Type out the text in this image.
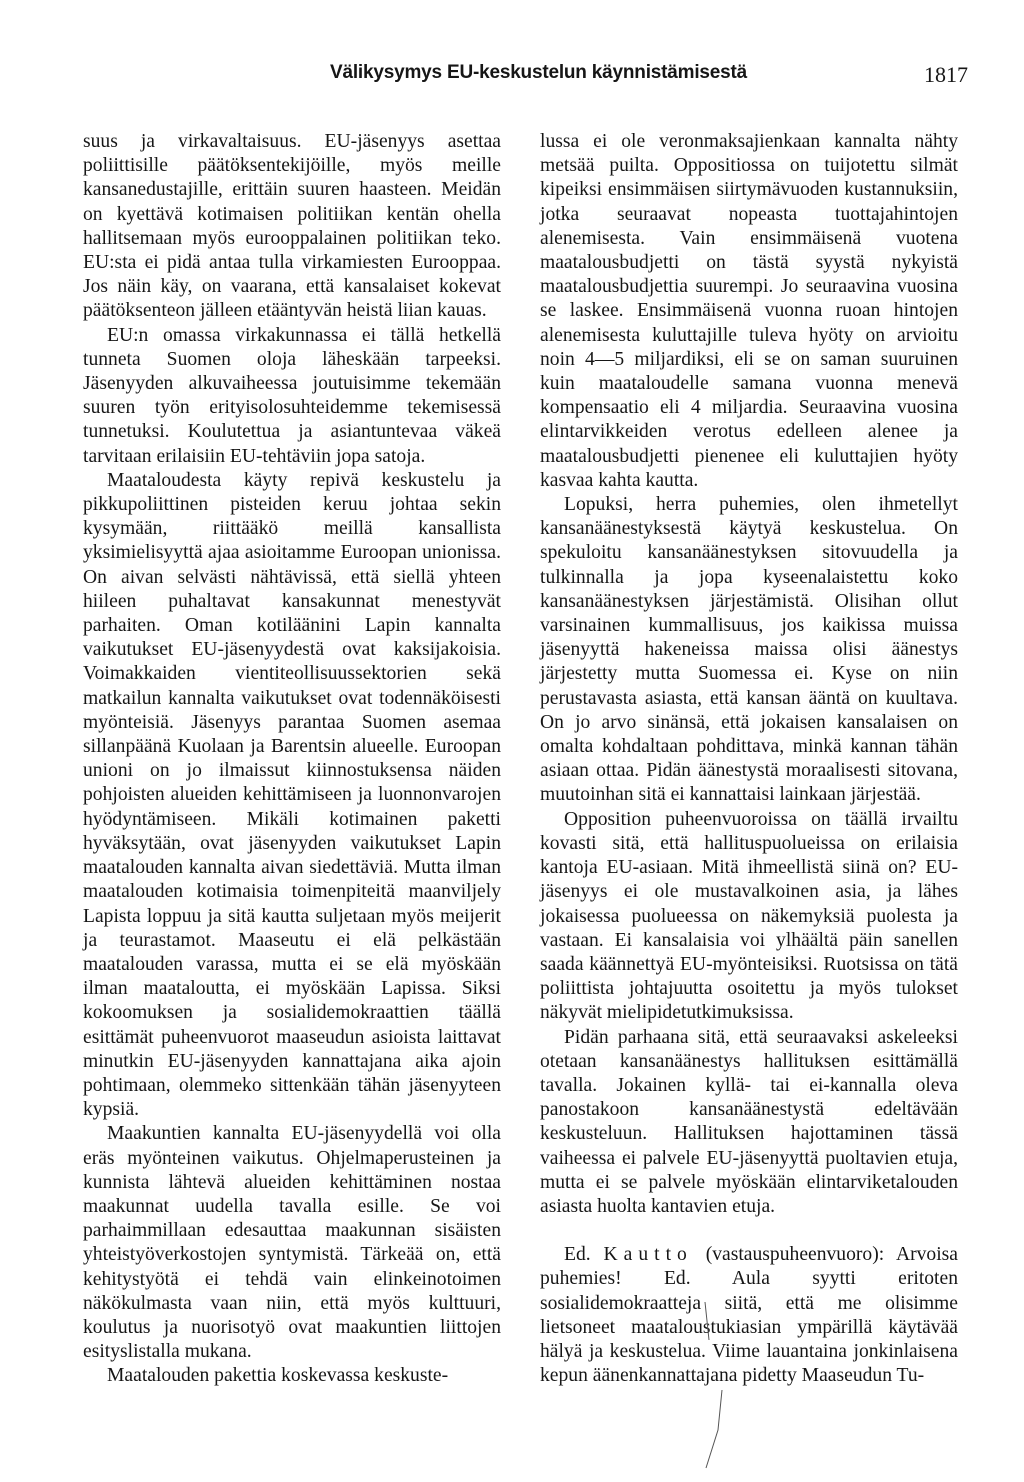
Välikysymys EU-keskustelun käynnistämisestä	1817

suus ja virkavaltaisuus. EU-jäsenyys asettaa poliittisille päätöksentekijöille, myös meille kansanedustajille, erittäin suuren haasteen. Meidän on kyettävä kotimaisen politiikan kentän ohella hallitsemaan myös eurooppalainen politiikan teko. EU:sta ei pidä antaa tulla virkamiesten Eurooppaa. Jos näin käy, on vaarana, että kansalaiset kokevat päätöksenteon jälleen etääntyvän heistä liian kauas.

EU:n omassa virkakunnassa ei tällä hetkellä tunneta Suomen oloja läheskään tarpeeksi. Jäsenyyden alkuvaiheessa joutuisimme tekemään suuren työn erityisolosuhteidemme tekemisessä tunnetuksi. Koulutettua ja asiantuntevaa väkeä tarvitaan erilaisiin EU-tehtäviin jopa satoja.

Maataloudesta käyty repivä keskustelu ja pikkupoliittinen pisteiden keruu johtaa sekin kysymään, riittääkö meillä kansallista yksimielisyyttä ajaa asioitamme Euroopan unionissa. On aivan selvästi nähtävissä, että siellä yhteen hiileen puhaltavat kansakunnat menestyvät parhaiten. Oman kotiläänini Lapin kannalta vaikutukset EU-jäsenyydestä ovat kaksijakoisia. Voimakkaiden vientiteollisuussektorien sekä matkailun kannalta vaikutukset ovat todennäköisesti myönteisiä. Jäsenyys parantaa Suomen asemaa sillanpäänä Kuolaan ja Barentsin alueelle. Euroopan unioni on jo ilmaissut kiinnostuksensa näiden pohjoisten alueiden kehittämiseen ja luonnonvarojen hyödyntämiseen. Mikäli kotimainen paketti hyväksytään, ovat jäsenyyden vaikutukset Lapin maatalouden kannalta aivan siedettäviä. Mutta ilman maatalouden kotimaisia toimenpiteitä maanviljely Lapista loppuu ja sitä kautta suljetaan myös meijerit ja teurastamot. Maaseutu ei elä pelkästään maatalouden varassa, mutta ei se elä myöskään ilman maataloutta, ei myöskään Lapissa. Siksi kokoomuksen ja sosialidemokraattien täällä esittämät puheenvuorot maaseudun asioista laittavat minutkin EU-jäsenyyden kannattajana aika ajoin pohtimaan, olemmeko sittenkään tähän jäsenyyteen kypsiä.

Maakuntien kannalta EU-jäsenyydellä voi olla eräs myönteinen vaikutus. Ohjelmaperusteinen ja kunnista lähtevä alueiden kehittäminen nostaa maakunnat uudella tavalla esille. Se voi parhaimmillaan edesauttaa maakunnan sisäisten yhteistyöverkostojen syntymistä. Tärkeää on, että kehitystyötä ei tehdä vain elinkeinotoimen näkökulmasta vaan niin, että myös kulttuuri, koulutus ja nuorisotyö ovat maakuntien liittojen esityslistalla mukana.

Maatalouden pakettia koskevassa keskuste-

lussa ei ole veronmaksajienkaan kannalta nähty metsää puilta. Oppositiossa on tuijotettu silmät kipeiksi ensimmäisen siirtymävuoden kustannuksiin, jotka seuraavat nopeasta tuottajahintojen alenemisesta. Vain ensimmäisenä vuotena maatalousbudjetti on tästä syystä nykyistä maatalousbudjettia suurempi. Jo seuraavina vuosina se laskee. Ensimmäisenä vuonna ruoan hintojen alenemisesta kuluttajille tuleva hyöty on arvioitu noin 4—5 miljardiksi, eli se on saman suuruinen kuin maataloudelle samana vuonna menevä kompensaatio eli 4 miljardia. Seuraavina vuosina elintarvikkeiden verotus edelleen alenee ja maatalousbudjetti pienenee eli kuluttajien hyöty kasvaa kahta kautta.

Lopuksi, herra puhemies, olen ihmetellyt kansanäänestyksestä käytyä keskustelua. On spekuloitu kansanäänestyksen sitovuudella ja tulkinnalla ja jopa kyseenalaistettu koko kansanäänestyksen järjestämistä. Olisihan ollut varsinainen kummallisuus, jos kaikissa muissa jäsenyyttä hakeneissa maissa olisi äänestys järjestetty mutta Suomessa ei. Kyse on niin perustavasta asiasta, että kansan ääntä on kuultava. On jo arvo sinänsä, että jokaisen kansalaisen on omalta kohdaltaan pohdittava, minkä kannan tähän asiaan ottaa. Pidän äänestystä moraalisesti sitovana, muutoinhan sitä ei kannattaisi lainkaan järjestää.

Opposition puheenvuoroissa on täällä irvailtu kovasti sitä, että hallituspuolueissa on erilaisia kantoja EU-asiaan. Mitä ihmeellistä siinä on? EU-jäsenyys ei ole mustavalkoinen asia, ja lähes jokaisessa puolueessa on näkemyksiä puolesta ja vastaan. Ei kansalaisia voi ylhäältä päin sanellen saada käännettyä EU-myönteisiksi. Ruotsissa on tätä poliittista johtajuutta osoitettu ja myös tulokset näkyvät mielipidetutkimuksissa.

Pidän parhaana sitä, että seuraavaksi askeleeksi otetaan kansanäänestys hallituksen esittämällä tavalla. Jokainen kyllä- tai ei-kannalla oleva panostakoon kansanäänestystä edeltävään keskusteluun. Hallituksen hajottaminen tässä vaiheessa ei palvele EU-jäsenyyttä puoltavien etuja, mutta ei se palvele myöskään elintarviketalouden asiasta huolta kantavien etuja.

Ed. Kautto (vastauspuheenvuoro): Arvoisa puhemies! Ed. Aula syytti eritoten sosialidemokraatteja siitä, että me olisimme lietsoneet maataloustukiasian ympärillä käytävää hälyä ja keskustelua. Viime lauantaina jonkinlaisena kepun äänenkannattajana pidetty Maaseudun Tu-
